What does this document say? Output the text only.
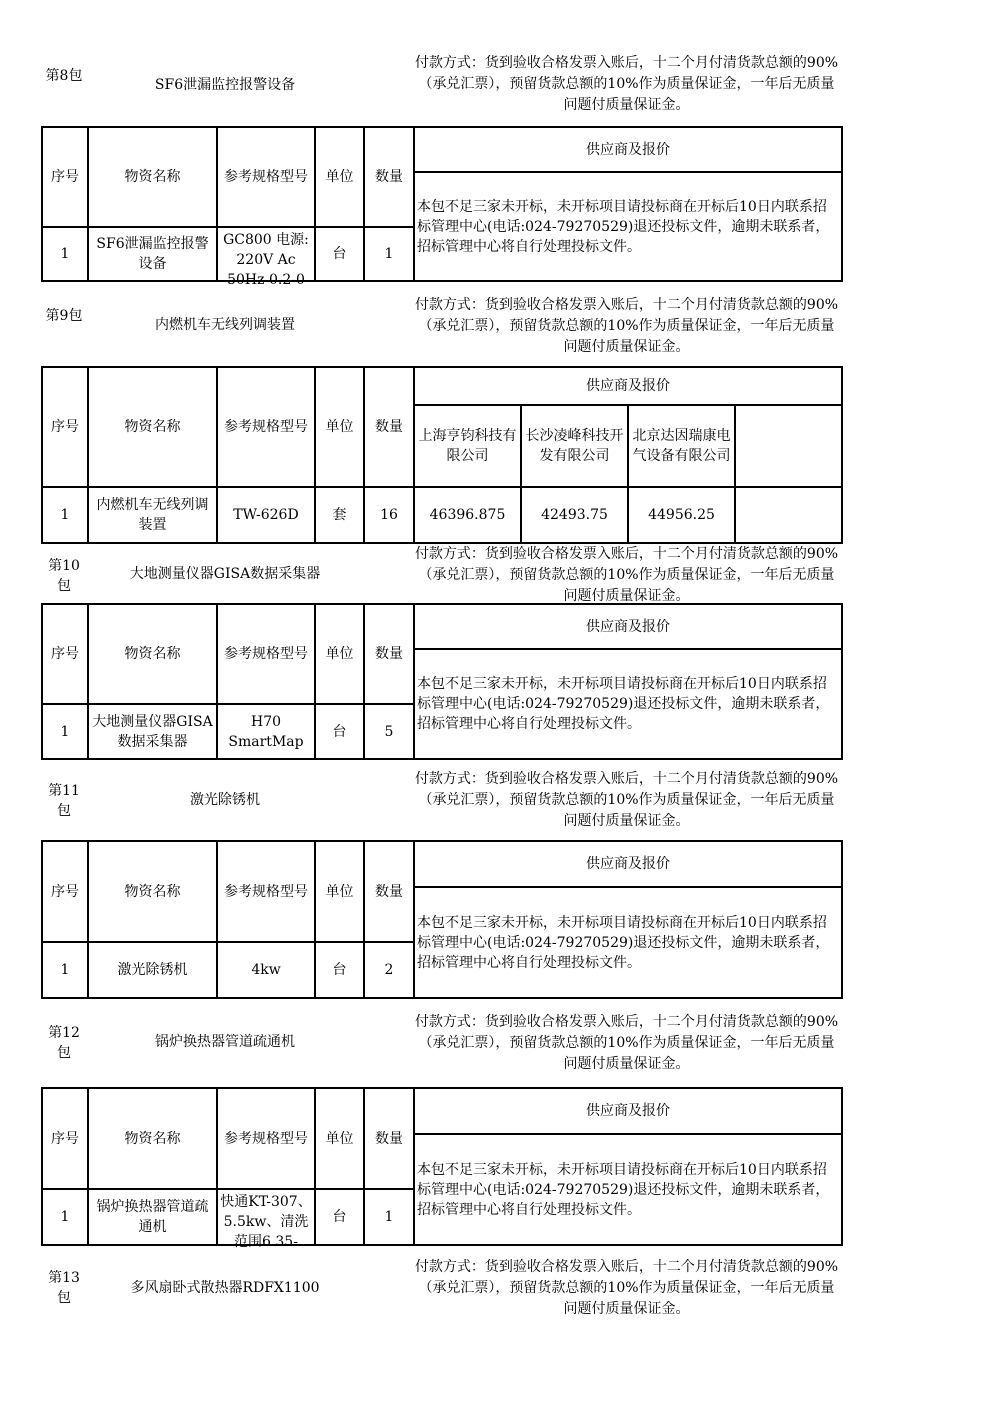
第8包
SF6泄漏监控报警设备
付款方式：货到验收合格发票入账后，十二个月付清货款总额的90%（承兑汇票），预留货款总额的10%作为质量保证金，一年后无质量问题付质量保证金。
序号	物资名称	参考规格型号	单位	数量	供应商及报价
					本包不足三家未开标，未开标项目请投标商在开标后10日内联系招标管理中心(电话:024-79270529)退还投标文件，逾期未联系者，招标管理中心将自行处理投标文件。
1	SF6泄漏监控报警设备	GC800 电源: 220V Ac 50Hz 0.2-0	台	1	
第9包
内燃机车无线列调装置
付款方式：货到验收合格发票入账后，十二个月付清货款总额的90%（承兑汇票），预留货款总额的10%作为质量保证金，一年后无质量问题付质量保证金。
序号	物资名称	参考规格型号	单位	数量	供应商及报价			
					上海亨钧科技有限公司	长沙凌峰科技开发有限公司	北京达因瑞康电气设备有限公司	
1	内燃机车无线列调装置	TW-626D	套	16	46396.875	42493.75	44956.25	
第10包
大地测量仪器GISA数据采集器
付款方式：货到验收合格发票入账后，十二个月付清货款总额的90%（承兑汇票），预留货款总额的10%作为质量保证金，一年后无质量问题付质量保证金。
序号	物资名称	参考规格型号	单位	数量	供应商及报价
					本包不足三家未开标，未开标项目请投标商在开标后10日内联系招标管理中心(电话:024-79270529)退还投标文件，逾期未联系者，招标管理中心将自行处理投标文件。
1	大地测量仪器GISA数据采集器	H70 SmartMap	台	5	
第11包
激光除锈机
付款方式：货到验收合格发票入账后，十二个月付清货款总额的90%（承兑汇票），预留货款总额的10%作为质量保证金，一年后无质量问题付质量保证金。
序号	物资名称	参考规格型号	单位	数量	供应商及报价
					本包不足三家未开标，未开标项目请投标商在开标后10日内联系招标管理中心(电话:024-79270529)退还投标文件，逾期未联系者，招标管理中心将自行处理投标文件。
1	激光除锈机	4kw	台	2	
第12包
锅炉换热器管道疏通机
付款方式：货到验收合格发票入账后，十二个月付清货款总额的90%（承兑汇票），预留货款总额的10%作为质量保证金，一年后无质量问题付质量保证金。
序号	物资名称	参考规格型号	单位	数量	供应商及报价
					本包不足三家未开标，未开标项目请投标商在开标后10日内联系招标管理中心(电话:024-79270529)退还投标文件，逾期未联系者，招标管理中心将自行处理投标文件。
1	锅炉换热器管道疏通机	快通KT-307、5.5kw、清洗范围6.35-	台	1	
第13包
多风扇卧式散热器RDFX1100
付款方式：货到验收合格发票入账后，十二个月付清货款总额的90%（承兑汇票），预留货款总额的10%作为质量保证金，一年后无质量问题付质量保证金。
